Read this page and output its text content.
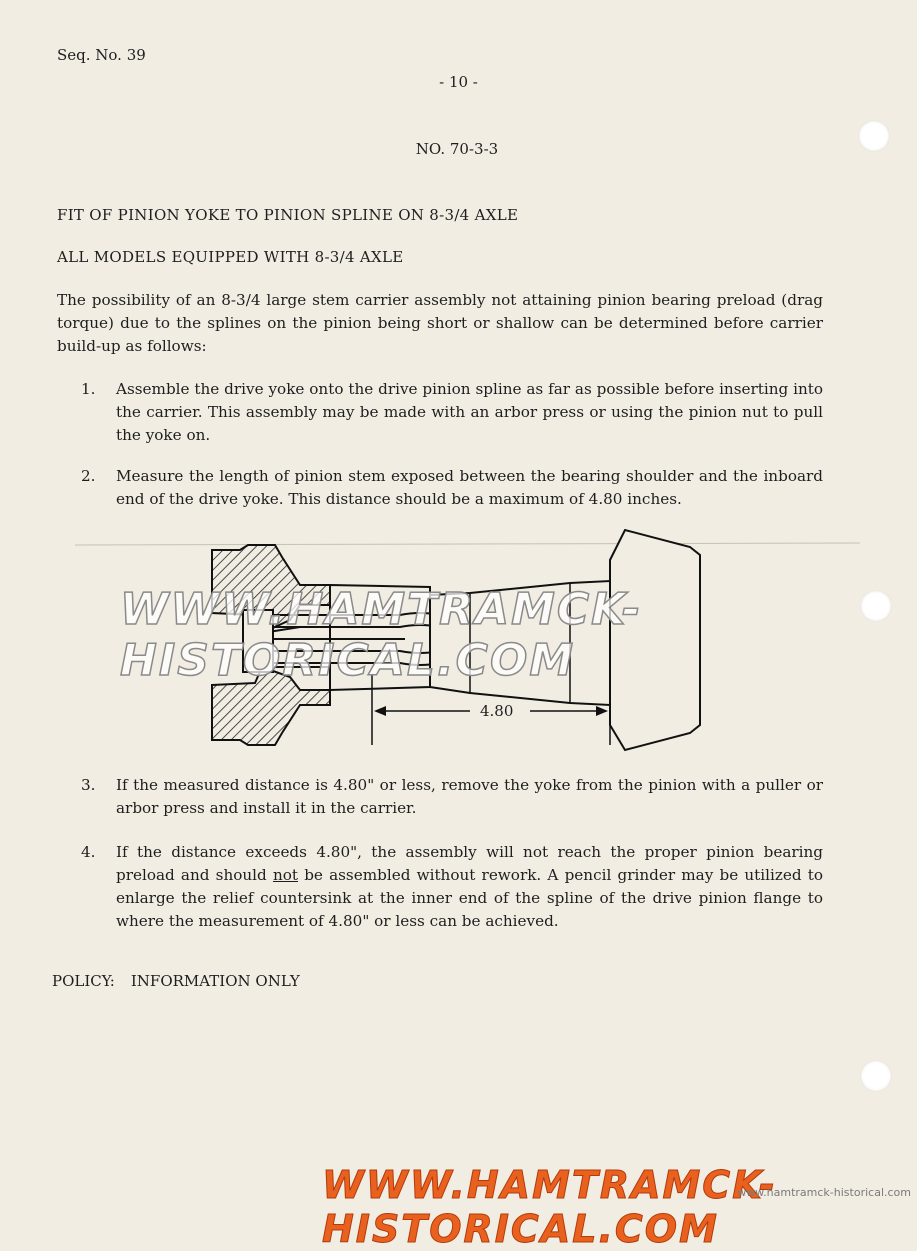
Seq. No. 39
- 10 -
NO. 70-3-3
FIT OF PINION YOKE TO PINION SPLINE ON 8-3/4 AXLE
ALL MODELS EQUIPPED WITH 8-3/4 AXLE
The possibility of an 8-3/4 large stem carrier assembly not attaining pinion bearing preload (drag torque) due to the splines on the pinion being short or shallow can be determined before carrier build-up as follows:
1. Assemble the drive yoke onto the drive pinion spline as far as possible before inserting into the carrier. This assembly may be made with an arbor press or using the pinion nut to pull the yoke on.
2. Measure the length of pinion stem exposed between the bearing shoulder and the inboard end of the drive yoke. This distance should be a maximum of 4.80 inches.
4.80
WWW.HAMTRAMCK-HISTORICAL.COM
3. If the measured distance is 4.80" or less, remove the yoke from the pinion with a puller or arbor press and install it in the carrier.
4. If the distance exceeds 4.80", the assembly will not reach the proper pinion bearing preload and should not be assembled without rework. A pencil grinder may be utilized to enlarge the relief countersink at the inner end of the spline of the drive pinion flange to where the measurement of 4.80" or less can be achieved.
POLICY: INFORMATION ONLY
WWW.HAMTRAMCK-HISTORICAL.COM
www.hamtramck-historical.com
